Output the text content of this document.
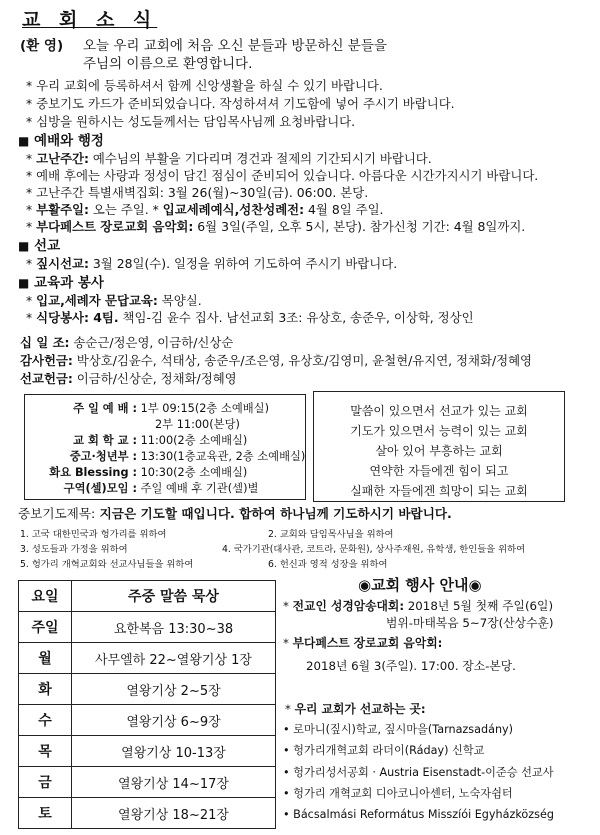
교 회 소 식
(환 영) 오늘 우리 교회에 처음 오신 분들과 방문하신 분들을
주님의 이름으로 환영합니다.
* 우리 교회에 등록하셔서 함께 신앙생활을 하실 수 있기 바랍니다.
* 중보기도 카드가 준비되었습니다. 작성하셔셔 기도함에 넣어 주시기 바랍니다.
* 심방을 원하시는 성도들께서는 담임목사님께 요청바랍니다.
■ 예배와 행정
* 고난주간: 예수님의 부활을 기다리며 경건과 절제의 기간되시기 바랍니다.
* 예배 후에는 사랑과 정성이 담긴 점심이 준비되어 있습니다. 아름다운 시간가지시기 바랍니다.
* 고난주간 특별새벽집회: 3월 26(월)~30일(금). 06:00. 본당.
* 부활주일: 오는 주일. * 입교세례예식,성찬성례전: 4월 8일 주일.
* 부다페스트 장로교회 음악회: 6월 3일(주일, 오후 5시, 본당). 참가신청 기간: 4월 8일까지.
■ 선교
* 짚시선교: 3월 28일(수). 일정을 위하여 기도하여 주시기 바랍니다.
■ 교육과 봉사
* 입교,세례자 문답교육: 목양실.
* 식당봉사: 4팀. 책임-김 윤수 집사. 남선교회 3조: 유상호, 송준우, 이상학, 정상인
십 일 조: 송순근/정은영, 이금하/신상순
감사헌금: 박상호/김윤수, 석태상, 송준우/조은영, 유상호/김영미, 윤철현/유지연, 정채화/정혜영
선교헌금: 이금하/신상순, 정채화/정혜영
주 일 예 배 : 1부 09:15(2층 소예배실)
2부 11:00(본당)
교 회 학 교 : 11:00(2층 소예배실)
중고·청년부 : 13:30(1층교육관, 2층 소예배실)
화요 Blessing : 10:30(2층 소예배실)
구역(셀)모임 : 주일 예배 후 기관(셀)별
말씀이 있으면서 선교가 있는 교회
기도가 있으면서 능력이 있는 교회
살아 있어 부흥하는 교회
연약한 자들에겐 힘이 되고
실패한 자들에겐 희망이 되는 교회
중보기도제목: 지금은 기도할 때입니다. 합하여 하나님께 기도하시기 바랍니다.
1. 고국 대한민국과 헝가리를 위하여	2. 교회와 담임목사님을 위하여
3. 성도들과 가정을 위하여	4. 국가기관(대사관, 코트라, 문화원), 상사주재원, 유학생, 한인들을 위하여
5. 헝가리 개혁교회와 선교사님들을 위하여	6. 헌신과 영적 성장을 위하여
요일	주중 말씀 묵상
주일	요한복음 13:30~38
월	사무엘하 22~열왕기상 1장
화	열왕기상 2~5장
수	열왕기상 6~9장
목	열왕기상 10-13장
금	열왕기상 14~17장
토	열왕기상 18~21장
◉교회 행사 안내◉
* 전교인 성경암송대회: 2018년 5월 첫째 주일(6일)
범위-마태복음 5~7장(산상수훈)
* 부다페스트 장로교회 음악회:
2018년 6월 3(주일). 17:00. 장소-본당.
* 우리 교회가 선교하는 곳:
• 로마니(짚시)학교, 짚시마을(Tarnazsadány)
• 헝가리개혁교회 라더이(Ráday) 신학교
• 헝가리성서공회 · Austria Eisenstadt-이준승 선교사
• 헝가리 개혁교회 디아코니아센터, 노숙자쉼터
• Bácsalmási Református Misszíói Egyházközség
